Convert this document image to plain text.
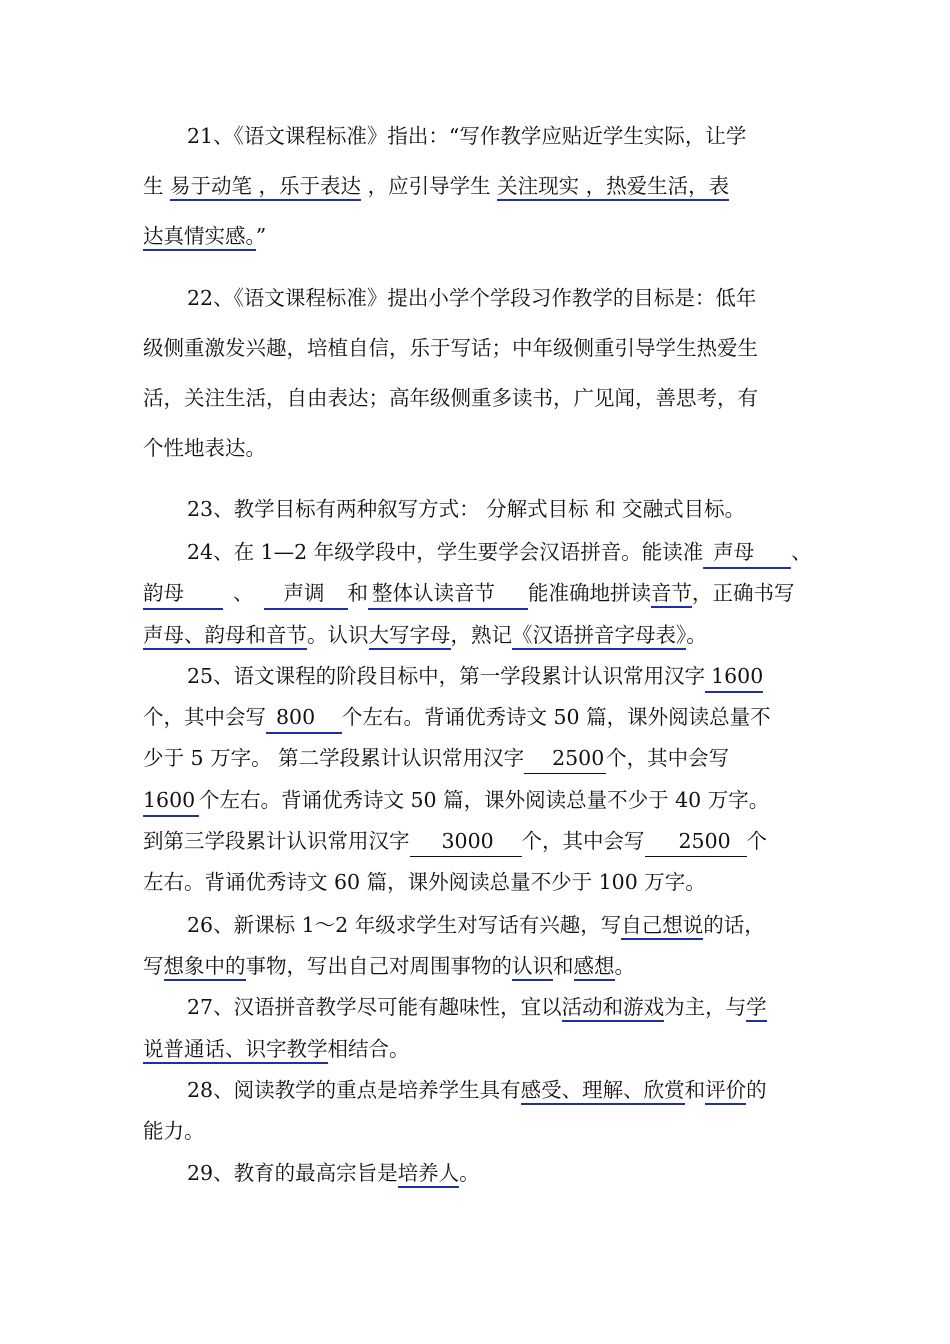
21、《语文课程标准》指出：“写作教学应贴近学生实际，让学
生 易于动笔 ，乐于表达 ，应引导学生 关注现实 ，热爱生活，表
达真情实感。”
22、《语文课程标准》提出小学个学段习作教学的目标是：低年
级侧重激发兴趣，培植自信，乐于写话；中年级侧重引导学生热爱生
活，关注生活，自由表达；高年级侧重多读书，广见闻，善思考，有
个性地表达。
23、教学目标有两种叙写方式： 分解式目标 和 交融式目标。
24、在 1—2 年级学段中，学生要学会汉语拼音。能读准 声母 、
韵母 、 声调 和 整体认读音节 能准确地拼读音节，正确书写
声母、韵母和音节。认识大写字母，熟记《汉语拼音字母表》。
25、语文课程的阶段目标中，第一学段累计认识常用汉字 1600
个，其中会写 800 个左右。背诵优秀诗文 50 篇，课外阅读总量不
少于 5 万字。 第二学段累计认识常用汉字 2500个，其中会写
1600 个左右。背诵优秀诗文 50 篇，课外阅读总量不少于 40 万字。
到第三学段累计认识常用汉字 3000 个，其中会写 2500 个
左右。背诵优秀诗文 60 篇，课外阅读总量不少于 100 万字。
26、新课标 1～2 年级求学生对写话有兴趣，写自己想说的话，
写想象中的事物，写出自己对周围事物的认识和感想。
27、汉语拼音教学尽可能有趣味性，宜以活动和游戏为主，与学
说普通话、识字教学相结合。
28、阅读教学的重点是培养学生具有感受、理解、欣赏和评价的
能力。
29、教育的最高宗旨是培养人。
